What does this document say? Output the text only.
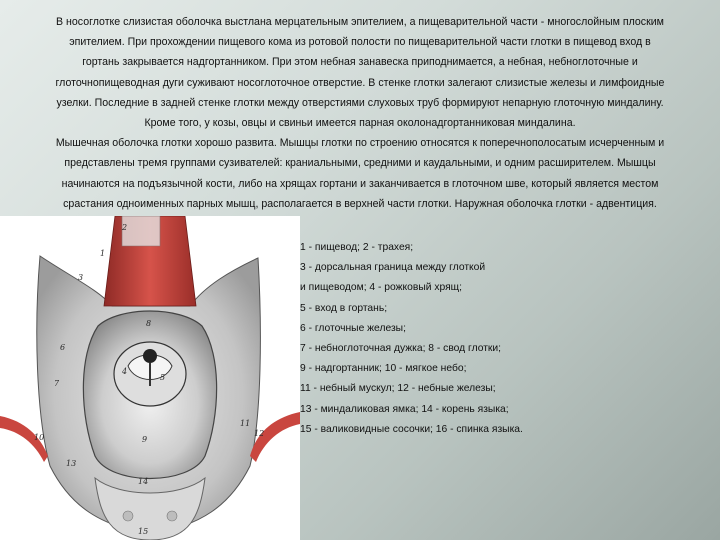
В носоглотке слизистая оболочка выстлана мерцательным эпителием, а пищеварительной части - многослойным плоским
эпителием. При прохождении пищевого кома из ротовой полости по пищеварительной части глотки в пищевод вход в
гортань закрывается надгортанником. При этом небная занавеска приподнимается, а небная, небноглоточные и
глоточнопищеводная дуги суживают носоглоточное отверстие. В стенке глотки залегают слизистые железы и лимфоидные
узелки. Последние в задней стенке глотки между отверстиями слуховых труб формируют непарную глоточную миндалину.
Кроме того, у козы, овцы и свиньи имеется парная околонадгортанниковая миндалина.
Мышечная оболочка глотки хорошо развита. Мышцы глотки по строению относятся к поперечнополосатым исчерченным и
представлены тремя группами сузивателей: краниальными, средними и каудальными, и одним расширителем. Мышцы
начинаются на подъязычной кости, либо на хрящах гортани и заканчивается в глоточном шве, который является местом
срастания одноименных парных мышц, располагается в верхней части глотки. Наружная оболочка глотки - адвентиция.

2
3
1
4
5
6
7
8
9
10
11
12
13
14
15
1 - пищевод; 2 - трахея;
3 - дорсальная граница между глоткой
и пищеводом; 4 - рожковый хрящ;
5 - вход в гортань;
6 - глоточные железы;
7 - небноглоточная дужка; 8 - свод глотки;
9 - надгортанник; 10 - мягкое небо;
11 - небный мускул; 12 - небные железы;
13 - миндаликовая ямка; 14 - корень языка;
15 - валиковидные сосочки; 16 - спинка языка.
